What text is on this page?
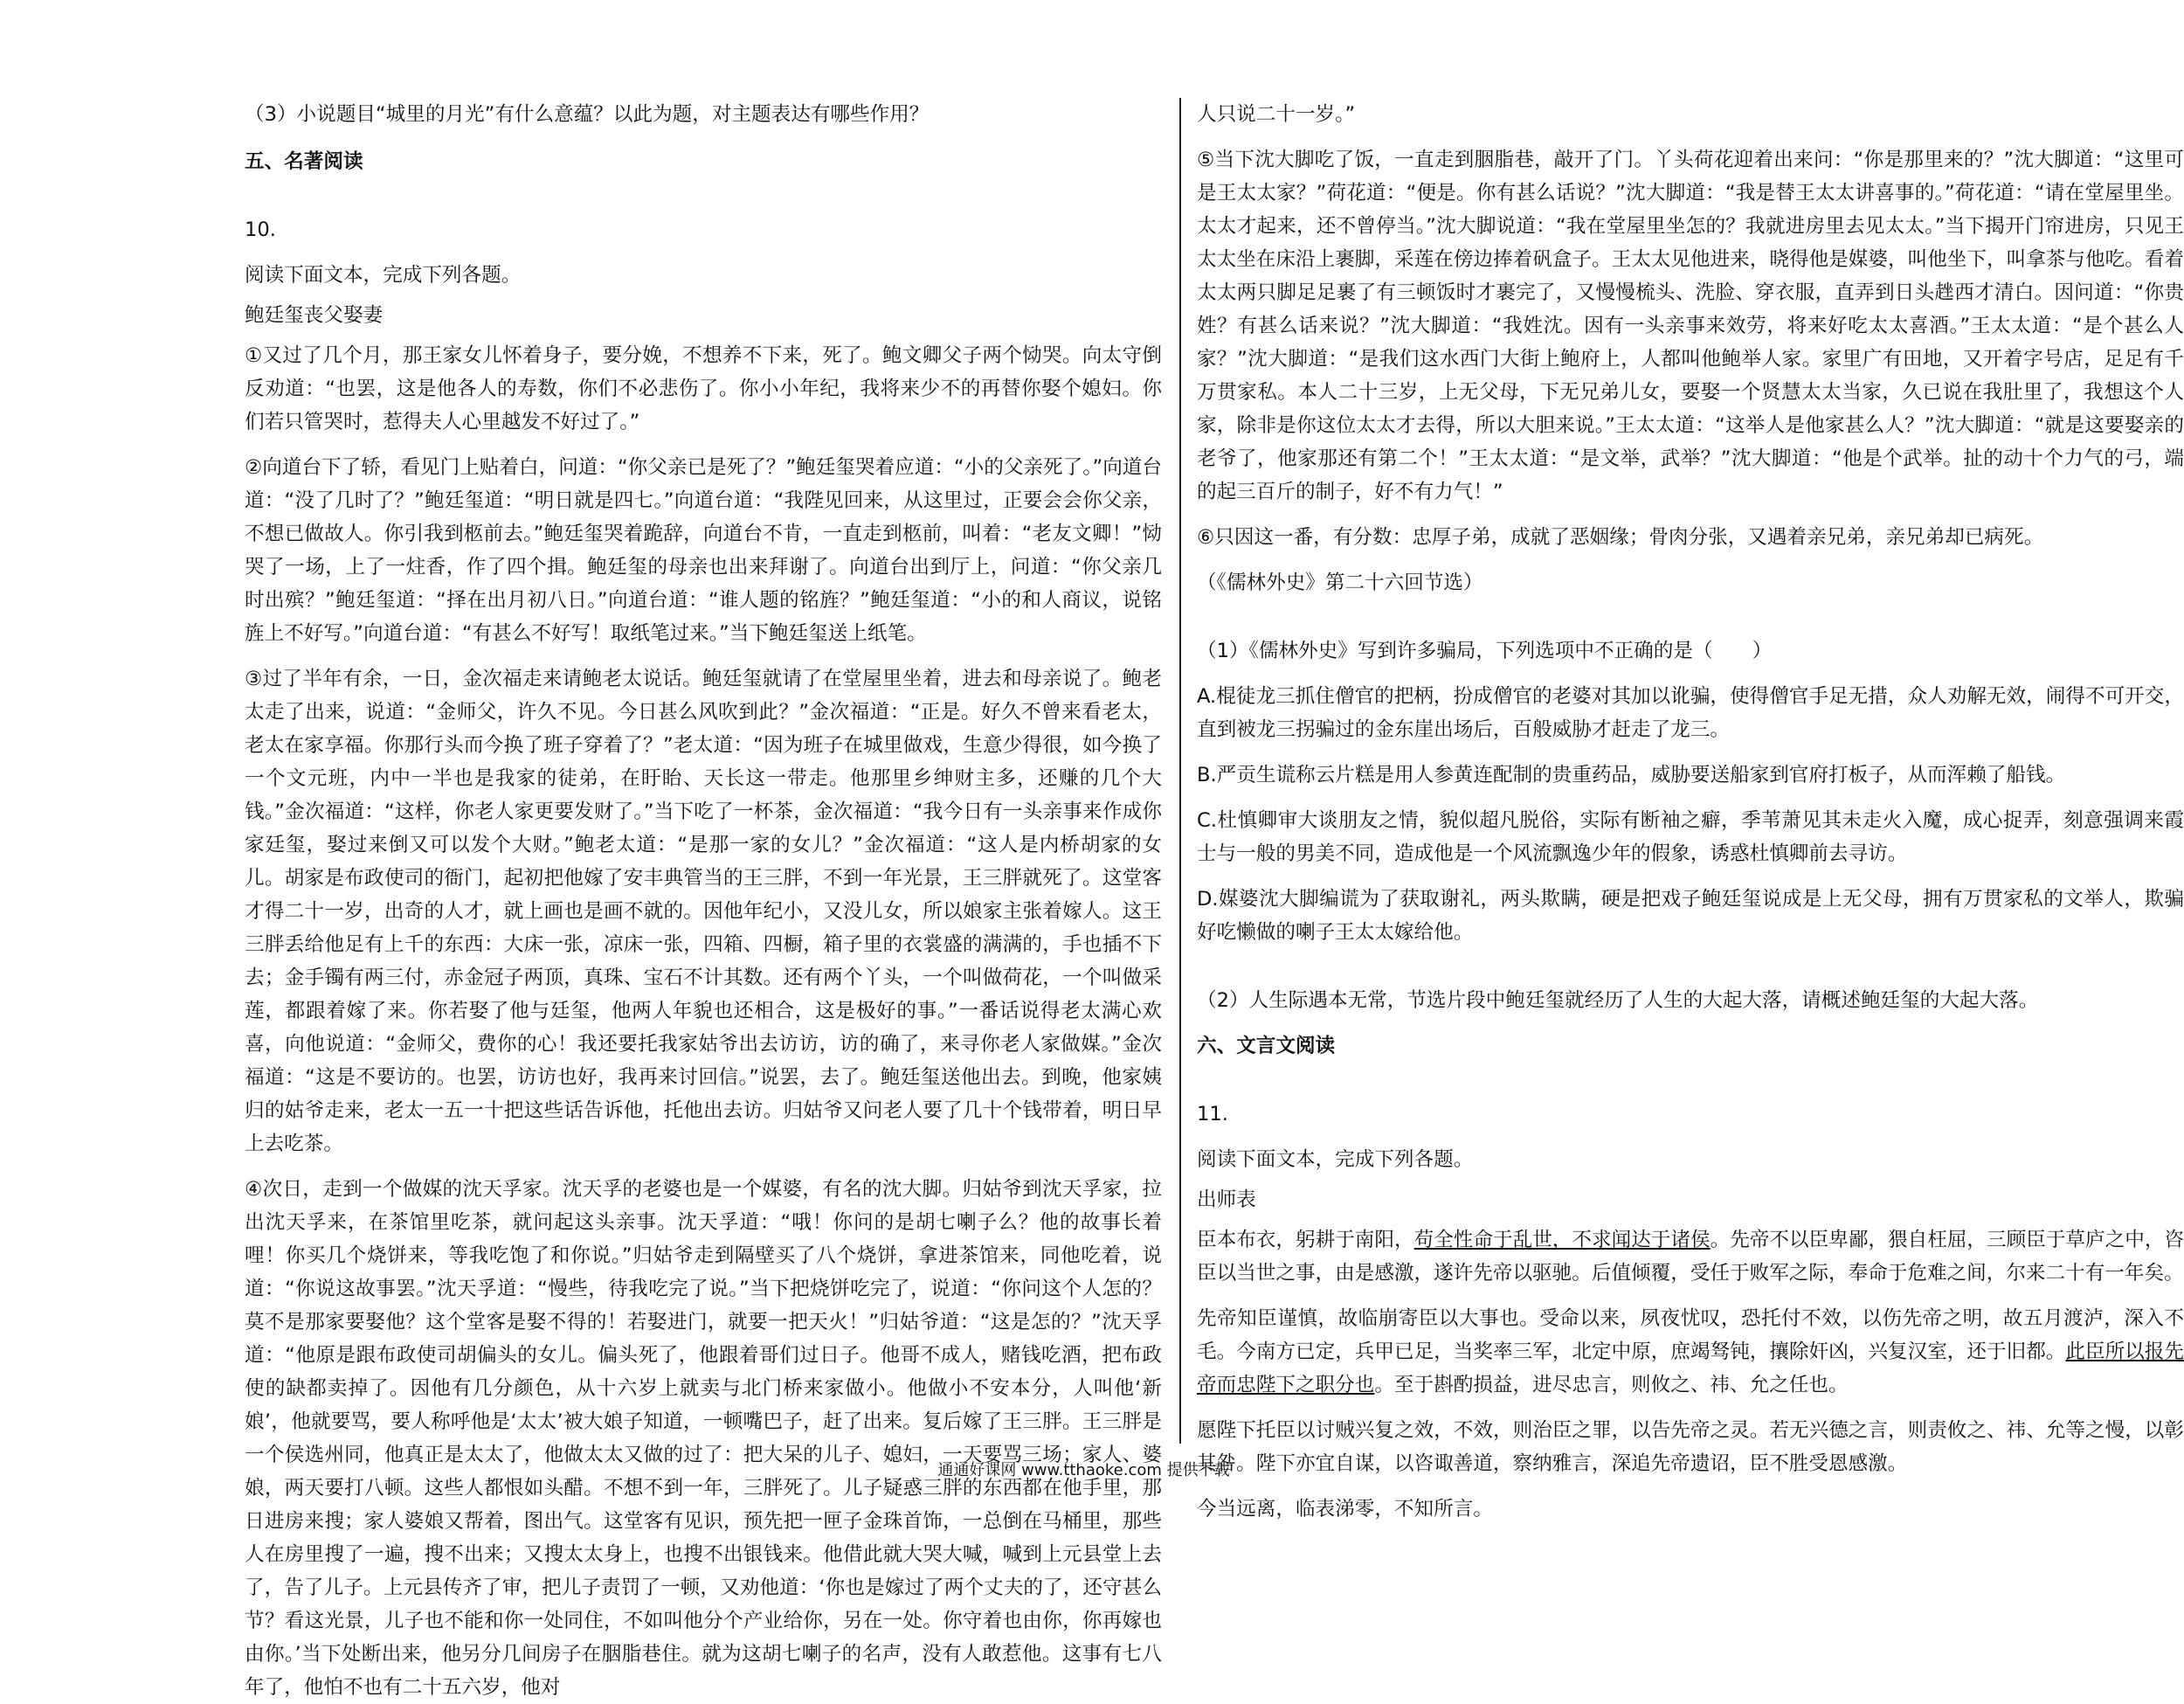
（3）小说题目“城里的月光”有什么意蕴？以此为题，对主题表达有哪些作用？

五、名著阅读

10.

阅读下面文本，完成下列各题。

鲍廷玺丧父娶妻

①又过了几个月，那王家女儿怀着身子，要分娩，不想养不下来，死了。鲍文卿父子两个恸哭。向太守倒反劝道：“也罢，这是他各人的寿数，你们不必悲伤了。你小小年纪，我将来少不的再替你娶个媳妇。你们若只管哭时，惹得夫人心里越发不好过了。”

②向道台下了轿，看见门上贴着白，问道：“你父亲已是死了？”鲍廷玺哭着应道：“小的父亲死了。”向道台道：“没了几时了？”鲍廷玺道：“明日就是四七。”向道台道：“我陛见回来，从这里过，正要会会你父亲，不想已做故人。你引我到柩前去。”鲍廷玺哭着跪辞，向道台不肯，一直走到柩前，叫着：“老友文卿！”恸哭了一场，上了一炷香，作了四个揖。鲍廷玺的母亲也出来拜谢了。向道台出到厅上，问道：“你父亲几时出殡？”鲍廷玺道：“择在出月初八日。”向道台道：“谁人题的铭旌？”鲍廷玺道：“小的和人商议，说铭旌上不好写。”向道台道：“有甚么不好写！取纸笔过来。”当下鲍廷玺送上纸笔。

③过了半年有余，一日，金次福走来请鲍老太说话。鲍廷玺就请了在堂屋里坐着，进去和母亲说了。鲍老太走了出来，说道：“金师父，许久不见。今日甚么风吹到此？”金次福道：“正是。好久不曾来看老太，老太在家享福。你那行头而今换了班子穿着了？”老太道：“因为班子在城里做戏，生意少得很，如今换了一个文元班，内中一半也是我家的徒弟，在盱眙、天长这一带走。他那里乡绅财主多，还赚的几个大钱。”金次福道：“这样，你老人家更要发财了。”当下吃了一杯茶，金次福道：“我今日有一头亲事来作成你家廷玺，娶过来倒又可以发个大财。”鲍老太道：“是那一家的女儿？”金次福道：“这人是内桥胡家的女儿。胡家是布政使司的衙门，起初把他嫁了安丰典管当的王三胖，不到一年光景，王三胖就死了。这堂客才得二十一岁，出奇的人才，就上画也是画不就的。因他年纪小，又没儿女，所以娘家主张着嫁人。这王三胖丢给他足有上千的东西：大床一张，凉床一张，四箱、四橱，箱子里的衣裳盛的满满的，手也插不下去；金手镯有两三付，赤金冠子两顶，真珠、宝石不计其数。还有两个丫头，一个叫做荷花，一个叫做采莲，都跟着嫁了来。你若娶了他与廷玺，他两人年貌也还相合，这是极好的事。”一番话说得老太满心欢喜，向他说道：“金师父，费你的心！我还要托我家姑爷出去访访，访的确了，来寻你老人家做媒。”金次福道：“这是不要访的。也罢，访访也好，我再来讨回信。”说罢，去了。鲍廷玺送他出去。到晚，他家姨归的姑爷走来，老太一五一十把这些话告诉他，托他出去访。归姑爷又问老人要了几十个钱带着，明日早上去吃茶。

④次日，走到一个做媒的沈天孚家。沈天孚的老婆也是一个媒婆，有名的沈大脚。归姑爷到沈天孚家，拉出沈天孚来，在茶馆里吃茶，就问起这头亲事。沈天孚道：“哦！你问的是胡七喇子么？他的故事长着哩！你买几个烧饼来，等我吃饱了和你说。”归姑爷走到隔壁买了八个烧饼，拿进茶馆来，同他吃着，说道：“你说这故事罢。”沈天孚道：“慢些，待我吃完了说。”当下把烧饼吃完了，说道：“你问这个人怎的？莫不是那家要娶他？这个堂客是娶不得的！若娶进门，就要一把天火！”归姑爷道：“这是怎的？”沈天孚道：“他原是跟布政使司胡偏头的女儿。偏头死了，他跟着哥们过日子。他哥不成人，赌钱吃酒，把布政使的缺都卖掉了。因他有几分颜色，从十六岁上就卖与北门桥来家做小。他做小不安本分，人叫他‘新娘’，他就要骂，要人称呼他是‘太太’被大娘子知道，一顿嘴巴子，赶了出来。复后嫁了王三胖。王三胖是一个侯选州同，他真正是太太了，他做太太又做的过了：把大呆的儿子、媳妇，一天要骂三场；家人、婆娘，两天要打八顿。这些人都恨如头醋。不想不到一年，三胖死了。儿子疑惑三胖的东西都在他手里，那日进房来搜；家人婆娘又帮着，图出气。这堂客有见识，预先把一匣子金珠首饰，一总倒在马桶里，那些人在房里搜了一遍，搜不出来；又搜太太身上，也搜不出银钱来。他借此就大哭大喊，喊到上元县堂上去了，告了儿子。上元县传齐了审，把儿子责罚了一顿，又劝他道：‘你也是嫁过了两个丈夫的了，还守甚么节？看这光景，儿子也不能和你一处同住，不如叫他分个产业给你，另在一处。你守着也由你，你再嫁也由你。’当下处断出来，他另分几间房子在胭脂巷住。就为这胡七喇子的名声，没有人敢惹他。这事有七八年了，他怕不也有二十五六岁，他对

人只说二十一岁。”

⑤当下沈大脚吃了饭，一直走到胭脂巷，敲开了门。丫头荷花迎着出来问：“你是那里来的？”沈大脚道：“这里可是王太太家？”荷花道：“便是。你有甚么话说？”沈大脚道：“我是替王太太讲喜事的。”荷花道：“请在堂屋里坐。太太才起来，还不曾停当。”沈大脚说道：“我在堂屋里坐怎的？我就进房里去见太太。”当下揭开门帘进房，只见王太太坐在床沿上裹脚，采莲在傍边捧着矾盒子。王太太见他进来，晓得他是媒婆，叫他坐下，叫拿茶与他吃。看着太太两只脚足足裹了有三顿饭时才裹完了，又慢慢梳头、洗脸、穿衣服，直弄到日头趖西才清白。因问道：“你贵姓？有甚么话来说？”沈大脚道：“我姓沈。因有一头亲事来效劳，将来好吃太太喜酒。”王太太道：“是个甚么人家？”沈大脚道：“是我们这水西门大街上鲍府上，人都叫他鲍举人家。家里广有田地，又开着字号店，足足有千万贯家私。本人二十三岁，上无父母，下无兄弟儿女，要娶一个贤慧太太当家，久已说在我肚里了，我想这个人家，除非是你这位太太才去得，所以大胆来说。”王太太道：“这举人是他家甚么人？”沈大脚道：“就是这要娶亲的老爷了，他家那还有第二个！”王太太道：“是文举，武举？”沈大脚道：“他是个武举。扯的动十个力气的弓，端的起三百斤的制子，好不有力气！”

⑥只因这一番，有分数：忠厚子弟，成就了恶姻缘；骨肉分张，又遇着亲兄弟，亲兄弟却已病死。

（《儒林外史》第二十六回节选）

（1）《儒林外史》写到许多骗局，下列选项中不正确的是（　　）

A.棍徒龙三抓住僧官的把柄，扮成僧官的老婆对其加以讹骗，使得僧官手足无措，众人劝解无效，闹得不可开交，直到被龙三拐骗过的金东崖出场后，百般威胁才赶走了龙三。

B.严贡生谎称云片糕是用人参黄连配制的贵重药品，威胁要送船家到官府打板子，从而浑赖了船钱。

C.杜慎卿审大谈朋友之情，貌似超凡脱俗，实际有断袖之癖，季苇萧见其未走火入魔，成心捉弄，刻意强调来霞士与一般的男美不同，造成他是一个风流飘逸少年的假象，诱惑杜慎卿前去寻访。

D.媒婆沈大脚编谎为了获取谢礼，两头欺瞒，硬是把戏子鲍廷玺说成是上无父母，拥有万贯家私的文举人，欺骗好吃懒做的喇子王太太嫁给他。

（2）人生际遇本无常，节选片段中鲍廷玺就经历了人生的大起大落，请概述鲍廷玺的大起大落。

六、文言文阅读

11.

阅读下面文本，完成下列各题。

出师表

臣本布衣，躬耕于南阳，苟全性命于乱世，不求闻达于诸侯。先帝不以臣卑鄙，猥自枉屈，三顾臣于草庐之中，咨臣以当世之事，由是感激，遂许先帝以驱驰。后值倾覆，受任于败军之际，奉命于危难之间，尔来二十有一年矣。

先帝知臣谨慎，故临崩寄臣以大事也。受命以来，夙夜忧叹，恐托付不效，以伤先帝之明，故五月渡泸，深入不毛。今南方已定，兵甲已足，当奖率三军，北定中原，庶竭驽钝，攘除奸凶，兴复汉室，还于旧都。此臣所以报先帝而忠陛下之职分也。至于斟酌损益，进尽忠言，则攸之、祎、允之任也。

愿陛下托臣以讨贼兴复之效，不效，则治臣之罪，以告先帝之灵。若无兴德之言，则责攸之、祎、允等之慢，以彰其咎。陛下亦宜自谋，以咨诹善道，察纳雅言，深追先帝遗诏，臣不胜受恩感激。

今当远离，临表涕零，不知所言。

通通好课网 www.tthaoke.com 提供下载
